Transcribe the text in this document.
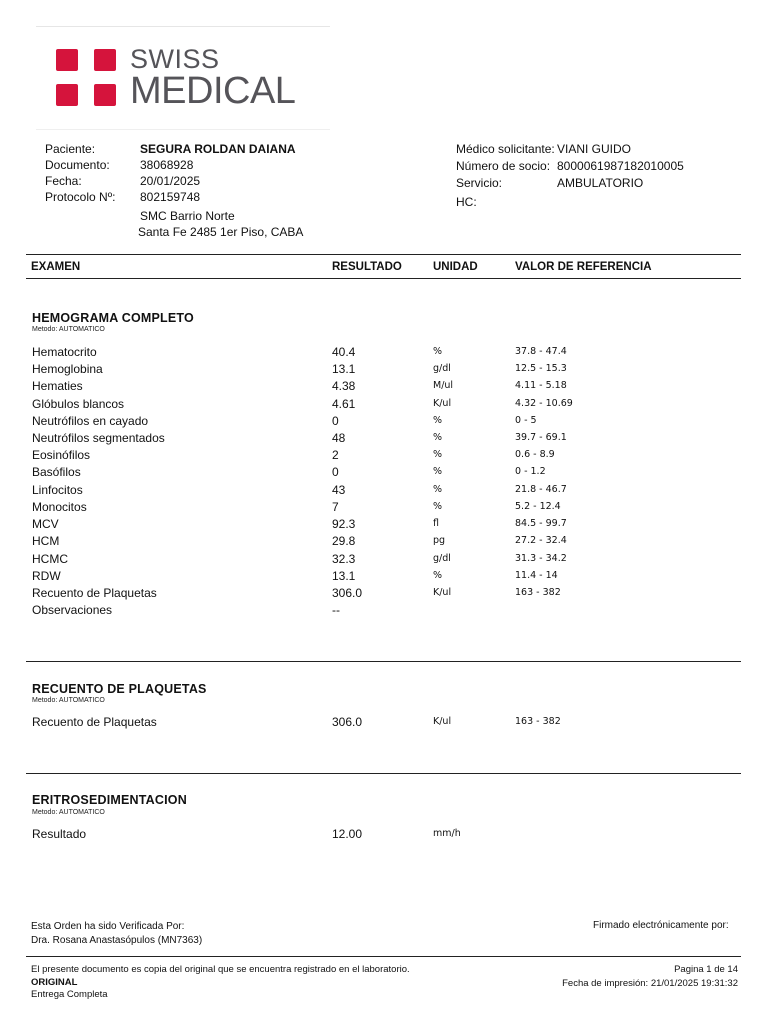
SWISS
MEDICAL
Paciente:	SEGURA ROLDAN DAIANA
Documento:	38068928
Fecha:	20/01/2025
Protocolo Nº: 802159748
SMC Barrio Norte
Santa Fe 2485 1er Piso, CABA
Médico solicitante: VIANI GUIDO
Número de socio: 8000061987182010005
Servicio:	AMBULATORIO
HC:
EXAMEN	RESULTADO	UNIDAD	VALOR DE REFERENCIA
HEMOGRAMA COMPLETO
Metodo: AUTOMATICO
Hematocrito	40.4	%	37.8 - 47.4
Hemoglobina	13.1	g/dl	12.5 - 15.3
Hematies	4.38	M/ul	4.11 - 5.18
Glóbulos blancos	4.61	K/ul	4.32 - 10.69
Neutrófilos en cayado	0	%	0 - 5
Neutrófilos segmentados	48	%	39.7 - 69.1
Eosinófilos	2	%	0.6 - 8.9
Basófilos	0	%	0 - 1.2
Linfocitos	43	%	21.8 - 46.7
Monocitos	7	%	5.2 - 12.4
MCV	92.3	fl	84.5 - 99.7
HCM	29.8	pg	27.2 - 32.4
HCMC	32.3	g/dl	31.3 - 34.2
RDW	13.1	%	11.4 - 14
Recuento de Plaquetas	306.0	K/ul	163 - 382
Observaciones	--
RECUENTO DE PLAQUETAS
Metodo: AUTOMATICO
Recuento de Plaquetas	306.0	K/ul	163 - 382
ERITROSEDIMENTACION
Metodo: AUTOMATICO
Resultado	12.00	mm/h
Esta Orden ha sido Verificada Por:
Dra. Rosana Anastasópulos (MN7363)
Firmado electrónicamente por:
El presente documento es copia del original que se encuentra registrado en el laboratorio.
ORIGINAL
Entrega Completa
Pagina 1 de 14
Fecha de impresión: 21/01/2025 19:31:32
